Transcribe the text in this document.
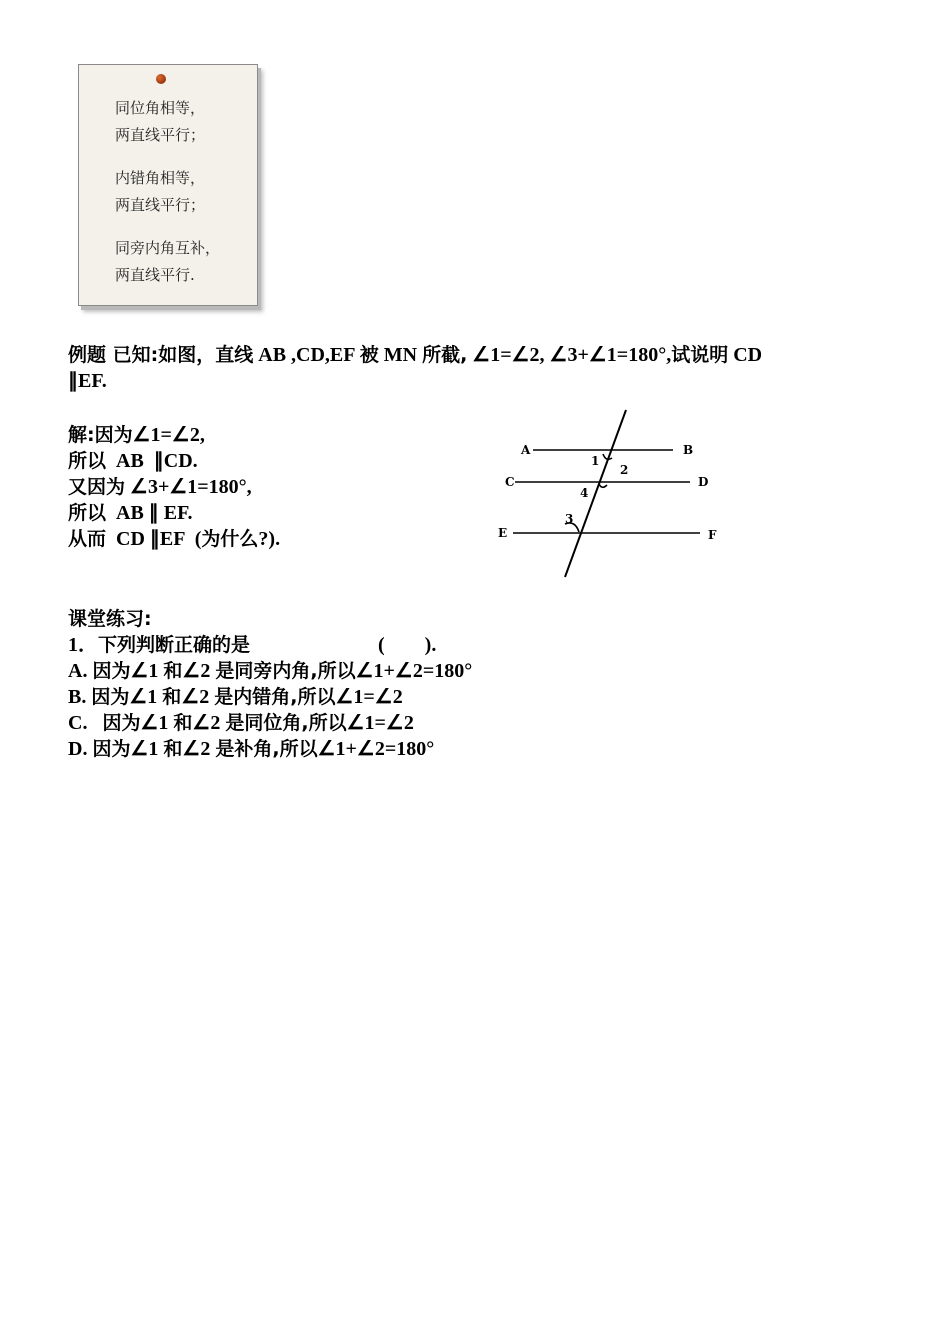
同位角相等，
两直线平行；
内错角相等，
两直线平行；
同旁内角互补，
两直线平行.
例题 已知:如图，直线 AB ,CD,EF 被 MN 所截, ∠1=∠2, ∠3+∠1=180°,试说明 CD
∥EF.
解:因为∠1=∠2,
所以  AB  ∥CD.
又因为 ∠3+∠1=180°,
所以  AB ∥ EF.
从而  CD ∥EF  (为什么?).
A	B
C	D
E	F
1
2
3
4
课堂练习:
1．下列判断正确的是	(        ).
A. 因为∠1 和∠2 是同旁内角,所以∠1+∠2=180°
B. 因为∠1 和∠2 是内错角,所以∠1=∠2
C.   因为∠1 和∠2 是同位角,所以∠1=∠2
D. 因为∠1 和∠2 是补角,所以∠1+∠2=180°
